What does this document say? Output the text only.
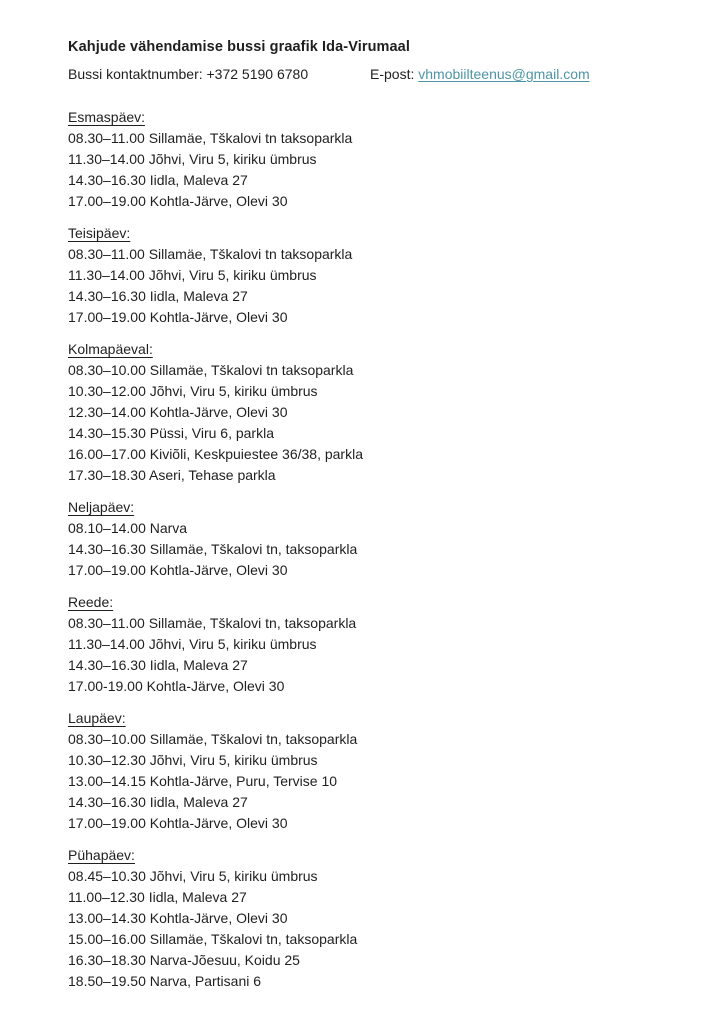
Kahjude vähendamise bussi graafik Ida-Virumaal
Bussi kontaktnumber: +372 5190 6780	E-post: vhmobiilteenus@gmail.com
Esmaspäev:
08.30–11.00 Sillamäe, Tškalovi tn taksoparkla
11.30–14.00 Jõhvi, Viru 5, kiriku ümbrus
14.30–16.30 Iidla, Maleva 27
17.00–19.00 Kohtla-Järve, Olevi 30
Teisipäev:
08.30–11.00 Sillamäe, Tškalovi tn taksoparkla
11.30–14.00 Jõhvi, Viru 5, kiriku ümbrus
14.30–16.30 Iidla, Maleva 27
17.00–19.00 Kohtla-Järve, Olevi 30
Kolmapäeval:
08.30–10.00 Sillamäe, Tškalovi tn taksoparkla
10.30–12.00 Jõhvi, Viru 5, kiriku ümbrus
12.30–14.00 Kohtla-Järve, Olevi 30
14.30–15.30 Püssi, Viru 6, parkla
16.00–17.00 Kiviõli, Keskpuiestee 36/38, parkla
17.30–18.30 Aseri, Tehase parkla
Neljapäev:
08.10–14.00 Narva
14.30–16.30 Sillamäe, Tškalovi tn, taksoparkla
17.00–19.00 Kohtla-Järve, Olevi 30
Reede:
08.30–11.00 Sillamäe, Tškalovi tn, taksoparkla
11.30–14.00 Jõhvi, Viru 5, kiriku ümbrus
14.30–16.30 Iidla, Maleva 27
17.00-19.00 Kohtla-Järve, Olevi 30
Laupäev:
08.30–10.00 Sillamäe, Tškalovi tn, taksoparkla
10.30–12.30 Jõhvi, Viru 5, kiriku ümbrus
13.00–14.15 Kohtla-Järve, Puru, Tervise 10
14.30–16.30 Iidla, Maleva 27
17.00–19.00 Kohtla-Järve, Olevi 30
Pühapäev:
08.45–10.30 Jõhvi, Viru 5, kiriku ümbrus
11.00–12.30 Iidla, Maleva 27
13.00–14.30 Kohtla-Järve, Olevi 30
15.00–16.00 Sillamäe, Tškalovi tn, taksoparkla
16.30–18.30 Narva-Jõesuu, Koidu 25
18.50–19.50 Narva, Partisani 6
